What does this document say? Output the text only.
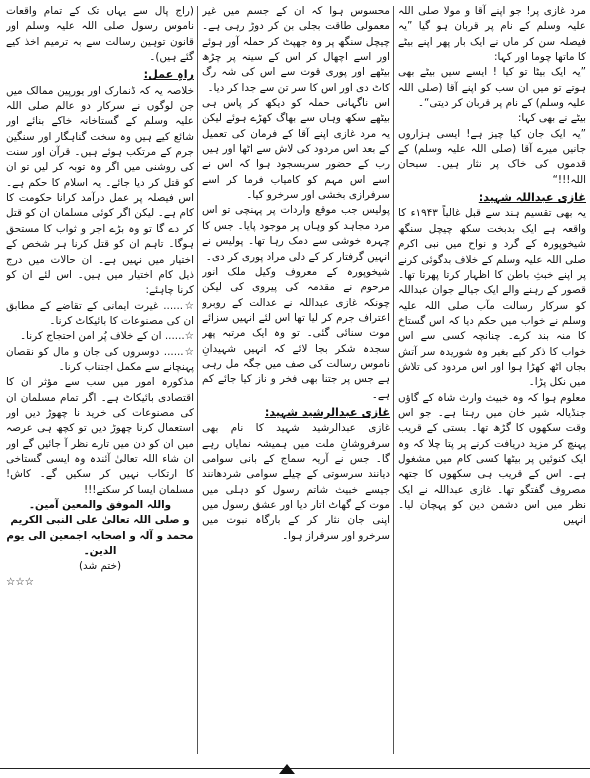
مرد غازی پر! جو اپنے آقا و مولا صلی اللہ علیہ وسلم کے نام پر قربان ہو گیا ”یہ فیصلہ سن کر ماں نے ایک بار پھر اپنے بیٹے کا ماتھا چوما اور کہا:

”یہ ایک بیٹا تو کیا ! ایسے سیں بیٹے بھی ہوتے تو میں ان سب کو اپنے آقا (صلی اللہ علیہ وسلم) کے نام پر قربان کر دیتی“۔

بیٹے نے بھی کہا:

”یہ ایک جان کیا چیز ہے! ایسی ہزاروں جانیں میرے آقا (صلی اللہ علیہ وسلم) کے قدموں کی خاک پر نثار ہیں۔ سبحان اللہ!!!“

غازی عبداللہ شہید:

یہ بھی تقسیم ہند سے قبل غالباً ۱۹۴۳ء کا واقعہ ہے ایک بدبخت سکھ چیچل سنگھ شیخوپورہ کے گرد و نواح میں نبی اکرم صلی اللہ علیہ وسلم کے خلاف بدگوئی کرنے پر اپنے خبثِ باطن کا اظہار کرتا پھرتا تھا۔ قصور کے رہنے والے ایک جیالے جوان عبداللہ کو سرکار رسالت مآب صلی اللہ علیہ وسلم نے خواب میں حکم دیا کہ اس گستاخ کا منہ بند کرے۔ چنانچہ کسی سے اس خواب کا ذکر کیے بغیر وہ شوریدہ سر آتش بجاں اٹھ کھڑا ہوا اور اس مردود کی تلاش میں نکل پڑا۔

معلوم ہوا کہ وہ خبیث وارث شاہ کے گاؤں جنڈیالہ شیر خان میں رہتا ہے۔ جو اس وقت سکھوں کا گڑھ تھا۔ بستی کے قریب پہنچ کر مزید دریافت کرنے پر پتا چلا کہ وہ ایک کنوئیں پر بیٹھا کسی کام میں مشغول ہے۔ اس کے قریب ہی سکھوں کا جتھہ مصروف گفتگو تھا۔ غازی عبداللہ نے ایک نظر میں اس دشمن دین کو پہچان لیا۔ انہیں

محسوس ہوا کہ ان کے جسم میں غیر معمولی طاقت بجلی بن کر دوڑ رہی ہے۔ چیچل سنگھ پر وہ جھپٹ کر حملہ آور ہوئے اور اسے اچھال کر اس کے سینہ پر چڑھ بیٹھے اور پوری قوت سے اس کی شہ رگ کاٹ دی اور اس کا سر تن سے جدا کر دیا۔

اس ناگہانی حملہ کو دیکھ کر پاس ہی بیٹھے سکھ وہاں سے بھاگ کھڑے ہوئے لیکن یہ مرد غازی اپنے آقا کے فرمان کی تعمیل کے بعد اس مردود کی لاش سے اٹھا اور ہیں رب کے حضور سربسجود ہوا کہ اس نے اسے اس مہم کو کامیاب فرما کر اسے سرفرازی بخشی اور سرخرو کیا۔

پولیس جب موقع واردات پر پہنچی تو اس مرد مجاہد کو وہاں پر موجود پایا۔ جس کا چہرہ خوشی سے دمک رہا تھا۔ پولیس نے انہیں گرفتار کر کے دلی مراد پوری کر دی۔

شیخوپورہ کے معروف وکیل ملک انور مرحوم نے مقدمہ کی پیروی کی لیکن چونکہ غازی عبداللہ نے عدالت کے روبرو اعتراف جرم کر لیا تھا اس لئے انہیں سزائے موت سنائی گئی۔ تو وہ ایک مرتبہ پھر سجدہ شکر بجا لائے کہ انہیں شہیدانِ ناموس رسالت کی صف میں جگہ مل رہی ہے جس پر جتنا بھی فخر و ناز کیا جائے کم ہے۔

غازی عبدالرشید شہید:

غازی عبدالرشید شہید کا نام بھی سرفروشانِ ملت میں ہمیشہ نمایاں رہے گا۔ جس نے آریہ سماج کے بانی سوامی دیانند سرسوتی کے چیلے سوامی شردھانند جیسے خبیث شاتم رسول کو دہلی میں موت کے گھاٹ اتار دیا اور عشق رسول میں اپنی جان نثار کر کے بارگاہ نبوت میں سرخرو اور سرفراز ہوا۔

(راج پال سے یہاں تک کے تمام واقعات ناموس رسول صلی اللہ علیہ وسلم اور قانون توہین رسالت سے بہ ترمیم اخذ کیے گئے ہیں)۔

راہِ عمل:

خلاصہ یہ کہ ڈنمارک اور یورپین ممالک میں جن لوگوں نے سرکار دو عالم صلی اللہ علیہ وسلم کے گستاخانہ خاکے بنائے اور شائع کیے ہیں وہ سخت گناہگار اور سنگین جرم کے مرتکب ہوئے ہیں۔ قرآن اور سنت کی روشنی میں اگر وہ توبہ کر لیں تو ان کو قتل کر دیا جائے۔ یہ اسلام کا حکم ہے۔ اس فیصلہ پر عمل درآمد کرانا حکومت کا کام ہے۔ لیکن اگر کوئی مسلمان ان کو قتل کر دے گا تو وہ بڑے اجر و ثواب کا مستحق ہوگا۔ تاہم ان کو قتل کرنا ہر شخص کے اختیار میں نہیں ہے۔ ان حالات میں درج ذیل کام اختیار میں ہیں۔ اس لئے ان کو کرنا چاہئے:

☆...... غیرت ایمانی کے تقاضے کے مطابق ان کی مصنوعات کا بائیکاٹ کرنا۔

☆...... ان کے خلاف پُر امن احتجاج کرنا۔

☆...... دوسروں کی جان و مال کو نقصان پہنچانے سے مکمل اجتناب کرنا۔

مذکورہ امور میں سب سے مؤثر ان کا اقتصادی بائیکاٹ ہے۔ اگر تمام مسلمان ان کی مصنوعات کی خرید نا چھوڑ دیں اور استعمال کرنا چھوڑ دیں تو کچھ ہی عرصہ میں ان کو دن میں تارے نظر آ جائیں گے اور ان شاء اللہ تعالیٰ آئندہ وہ ایسی گستاخی کا ارتکاب نہیں کر سکیں گے۔ کاش! مسلمان ایسا کر سکتے!!!

واللہ الموفق والمعین آمین۔

و صلی اللہ تعالیٰ علی النبی الکریم محمد و آلہ و اصحابہ اجمعین الی یوم الدین۔

(ختم شد)

☆☆☆
